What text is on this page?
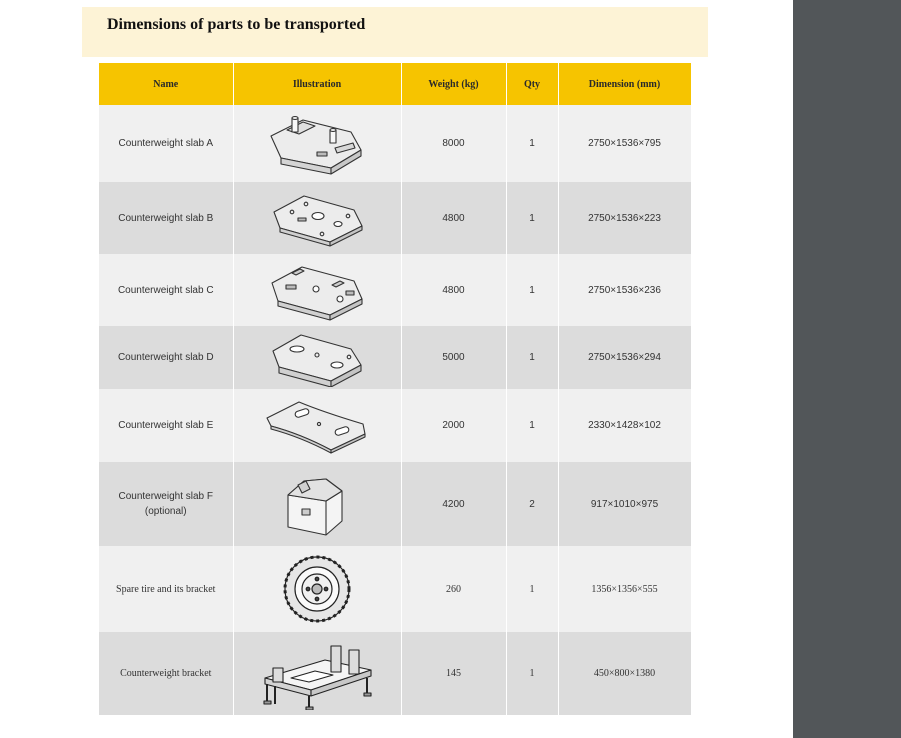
Dimensions of parts to be transported
Name	Illustration	Weight (kg)	Qty	Dimension (mm)
Counterweight slab A		8000	1	2750×1536×795
Counterweight slab B		4800	1	2750×1536×223
Counterweight slab C		4800	1	2750×1536×236
Counterweight slab D		5000	1	2750×1536×294
Counterweight slab E		2000	1	2330×1428×102

Counterweight slab F
(optional)		4200	2	917×1010×975
Spare tire and its bracket		260	1	1356×1356×555
Counterweight bracket		145	1	450×800×1380
